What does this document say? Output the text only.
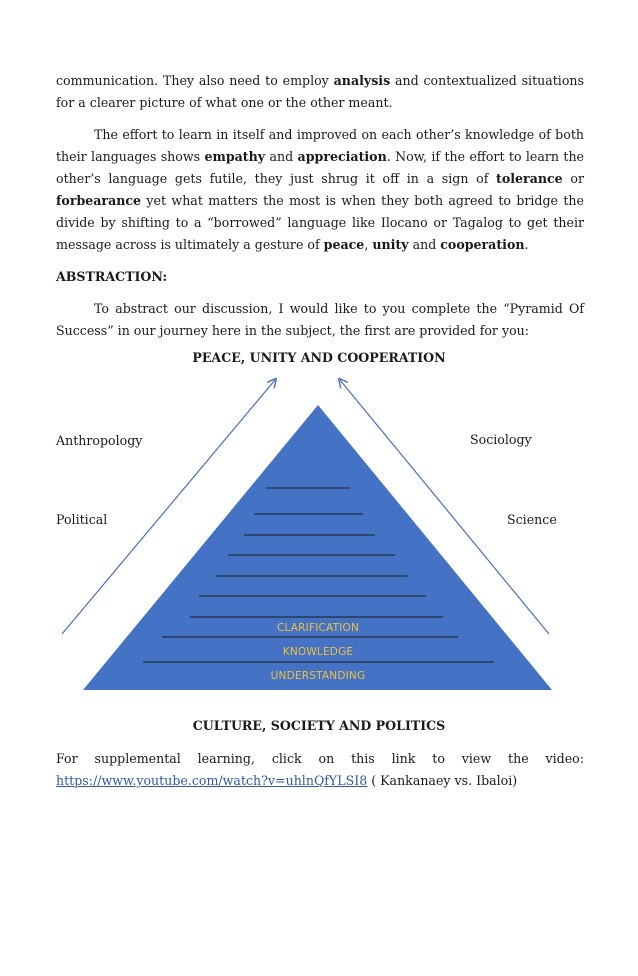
communication. They also need to employ analysis and contextualized situations for a clearer picture of what one or the other meant.

The effort to learn in itself and improved on each other’s knowledge of both their languages shows empathy and appreciation. Now, if the effort to learn the other’s language gets futile, they just shrug it off in a sign of tolerance or forbearance yet what matters the most is when they both agreed to bridge the divide by shifting to a “borrowed” language like Ilocano or Tagalog to get their message across is ultimately a gesture of peace, unity and cooperation.

ABSTRACTION:

To abstract our discussion, I would like to you complete the “Pyramid Of Success” in our journey here in the subject, the first are provided for you:

PEACE, UNITY AND COOPERATION
Anthropology
Political
Sociology
Science
CLARIFICATION
KNOWLEDGE
UNDERSTANDING
CULTURE, SOCIETY AND POLITICS
For supplemental learning, click on this link to view the video:

https://www.youtube.com/watch?v=uhlnQfYLSI8 ( Kankanaey vs. Ibaloi)
